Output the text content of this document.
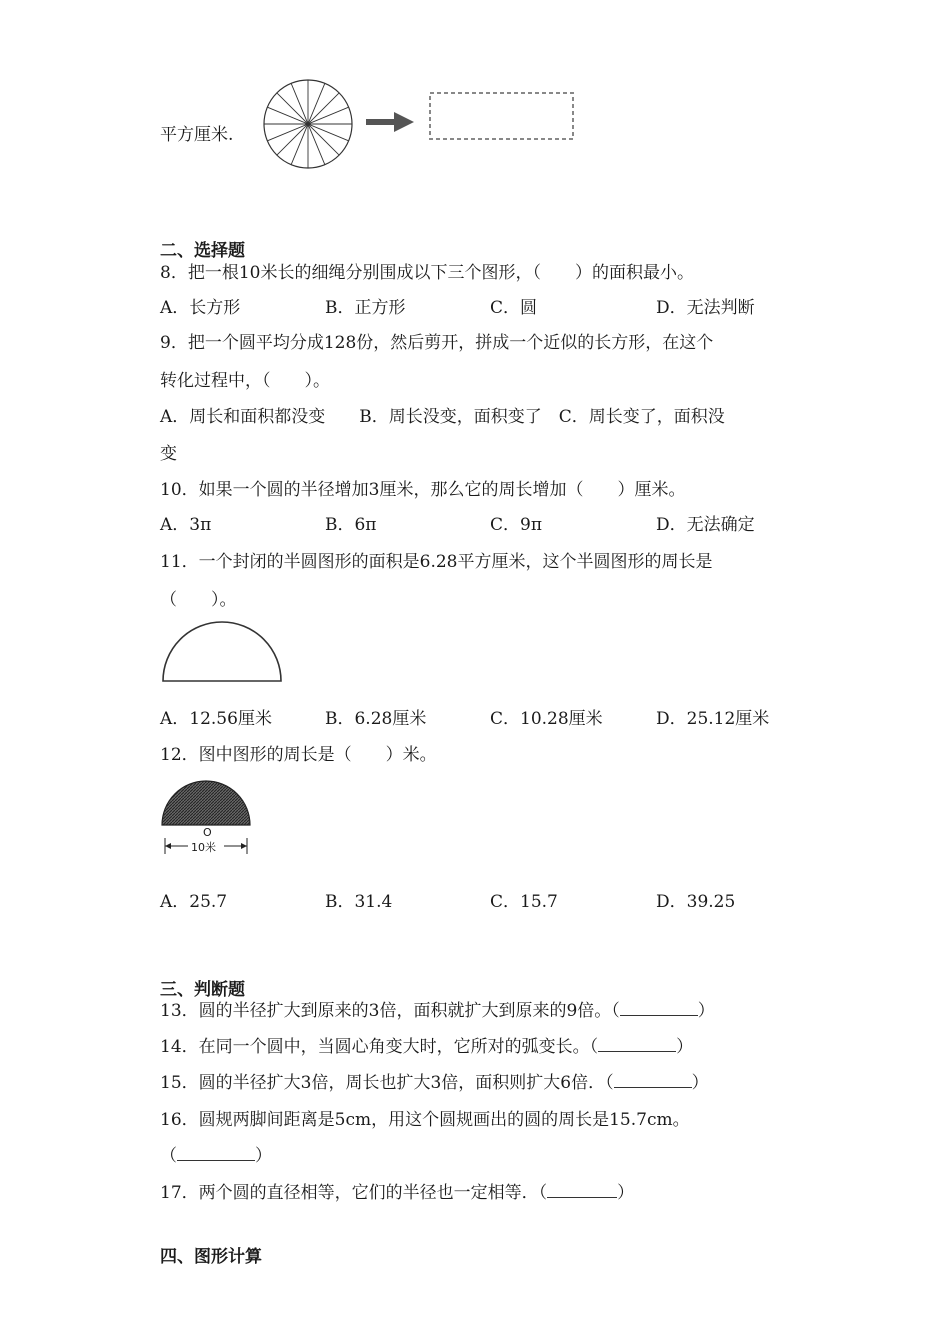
平方厘米.
二、选择题
8．把一根10米长的细绳分别围成以下三个图形，（　　）的面积最小。
A．长方形	B．正方形	C．圆	D．无法判断
9．把一个圆平均分成128份，然后剪开，拼成一个近似的长方形，在这个
转化过程中，（　　）。
A．周长和面积都没变　　B．周长没变，面积变了　C．周长变了，面积没
变
10．如果一个圆的半径增加3厘米，那么它的周长增加（　　）厘米。
A．3π	B．6π	C．9π	D．无法确定
11．一个封闭的半圆图形的面积是6.28平方厘米，这个半圆图形的周长是
（　　）。
A．12.56厘米	B．6.28厘米	C．10.28厘米	D．25.12厘米
12．图中图形的周长是（　　）米。
O
10米
A．25.7	B．31.4	C．15.7	D．39.25
三、判断题
13．圆的半径扩大到原来的3倍，面积就扩大到原来的9倍。（	）
14．在同一个圆中，当圆心角变大时，它所对的弧变长。（	）
15．圆的半径扩大3倍，周长也扩大3倍，面积则扩大6倍．（	）
16．圆规两脚间距离是5cm，用这个圆规画出的圆的周长是15.7cm。
（	）
17．两个圆的直径相等，它们的半径也一定相等．（	）
四、图形计算
